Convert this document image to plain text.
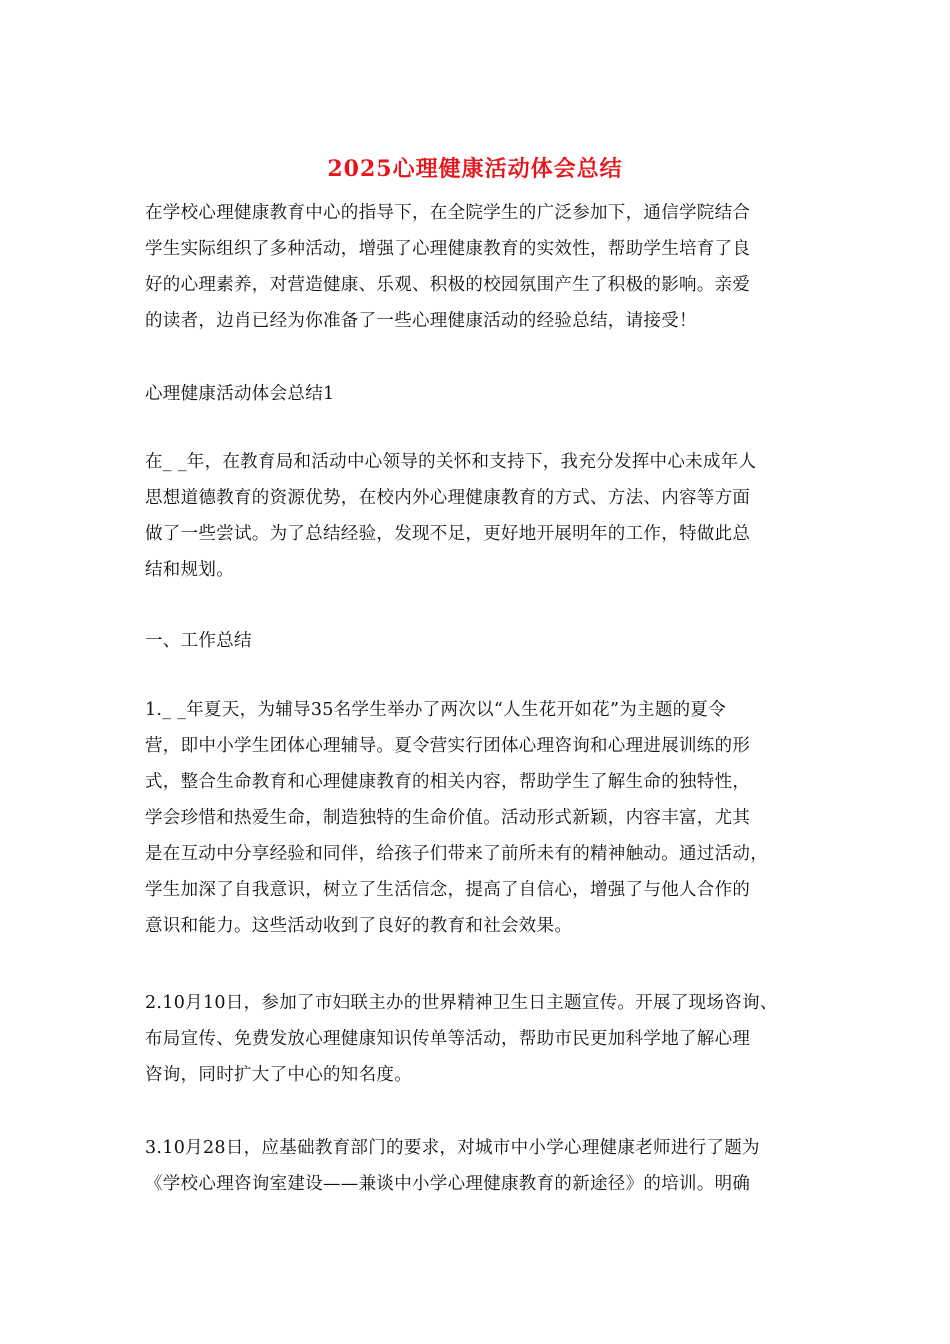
2025心理健康活动体会总结
在学校心理健康教育中心的指导下，在全院学生的广泛参加下，通信学院结合
学生实际组织了多种活动，增强了心理健康教育的实效性，帮助学生培育了良
好的心理素养，对营造健康、乐观、积极的校园氛围产生了积极的影响。亲爱
的读者，边肖已经为你准备了一些心理健康活动的经验总结，请接受！
心理健康活动体会总结1
在_ _年，在教育局和活动中心领导的关怀和支持下，我充分发挥中心未成年人
思想道德教育的资源优势，在校内外心理健康教育的方式、方法、内容等方面
做了一些尝试。为了总结经验，发现不足，更好地开展明年的工作，特做此总
结和规划。
一、工作总结
1._ _年夏天，为辅导35名学生举办了两次以“人生花开如花”为主题的夏令
营，即中小学生团体心理辅导。夏令营实行团体心理咨询和心理进展训练的形
式，整合生命教育和心理健康教育的相关内容，帮助学生了解生命的独特性，
学会珍惜和热爱生命，制造独特的生命价值。活动形式新颖，内容丰富，尤其
是在互动中分享经验和同伴，给孩子们带来了前所未有的精神触动。通过活动，
学生加深了自我意识，树立了生活信念，提高了自信心，增强了与他人合作的
意识和能力。这些活动收到了良好的教育和社会效果。
2.10月10日，参加了市妇联主办的世界精神卫生日主题宣传。开展了现场咨询、
布局宣传、免费发放心理健康知识传单等活动，帮助市民更加科学地了解心理
咨询，同时扩大了中心的知名度。
3.10月28日，应基础教育部门的要求，对城市中小学心理健康老师进行了题为
《学校心理咨询室建设——兼谈中小学心理健康教育的新途径》的培训。明确
